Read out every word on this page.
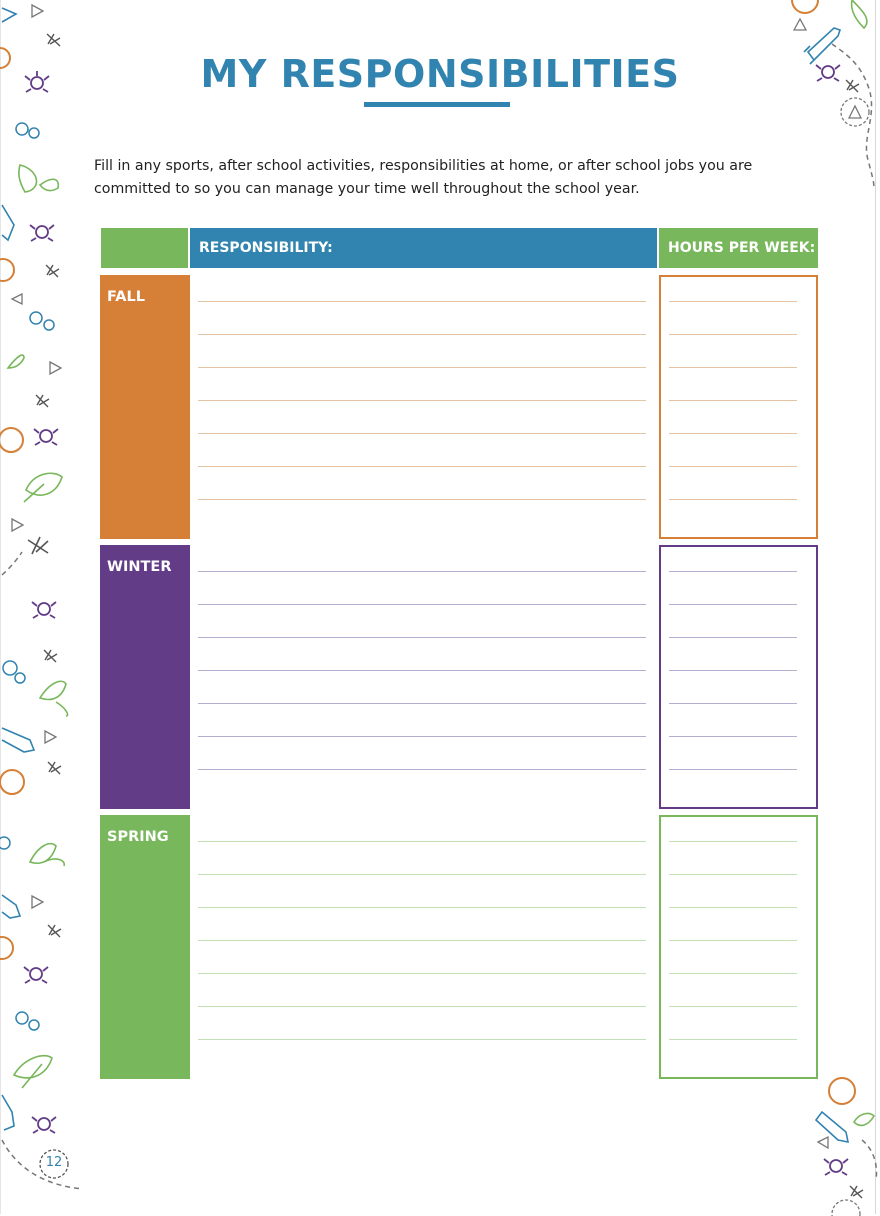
MY RESPONSIBILITIES

Fill in any sports, after school activities, responsibilities at home, or after school jobs you are committed to so you can manage your time well throughout the school year.

RESPONSIBILITY:	HOURS PER WEEK:
FALL
WINTER
SPRING
12
